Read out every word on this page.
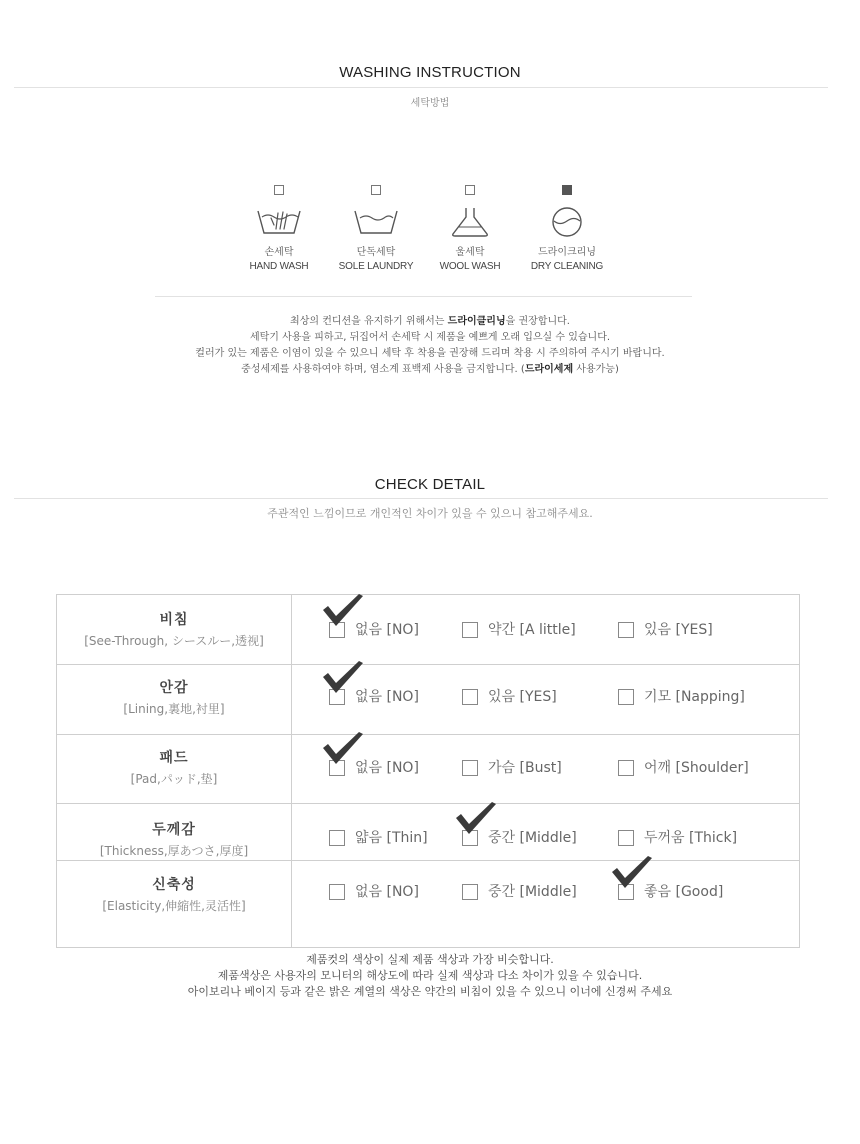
WASHING INSTRUCTION
세탁방법
손세탁
HAND WASH
단독세탁
SOLE LAUNDRY
울세탁
WOOL WASH
드라이크리닝
DRY CLEANING
최상의 컨디션을 유지하기 위해서는 드라이클리닝을 권장합니다.
세탁기 사용을 피하고, 뒤집어서 손세탁 시 제품을 예쁘게 오래 입으실 수 있습니다.
컬러가 있는 제품은 이염이 있을 수 있으니 세탁 후 착용을 권장해 드리며 착용 시 주의하여 주시기 바랍니다.
중성세제를 사용하여야 하며, 염소계 표백제 사용을 금지합니다. (드라이세제 사용가능)
CHECK DETAIL
주관적인 느낌이므로 개인적인 차이가 있을 수 있으니 참고해주세요.
비침
[See-Through, シースルー,透视]
없음 [NO]	약간 [A little]	있음 [YES]
안감
[Lining,裏地,衬里]
없음 [NO]	있음 [YES]	기모 [Napping]
패드
[Pad,パッド,垫]
없음 [NO]	가슴 [Bust]	어깨 [Shoulder]
두께감
[Thickness,厚あつさ,厚度]
얇음 [Thin]	중간 [Middle]	두꺼움 [Thick]
신축성
[Elasticity,伸縮性,灵活性]
없음 [NO]	중간 [Middle]	좋음 [Good]
제품컷의 색상이 실제 제품 색상과 가장 비슷합니다.
제품색상은 사용자의 모니터의 해상도에 따라 실제 색상과 다소 차이가 있을 수 있습니다.
아이보리나 베이지 등과 같은 밝은 계열의 색상은 약간의 비침이 있을 수 있으니 이너에 신경써 주세요
